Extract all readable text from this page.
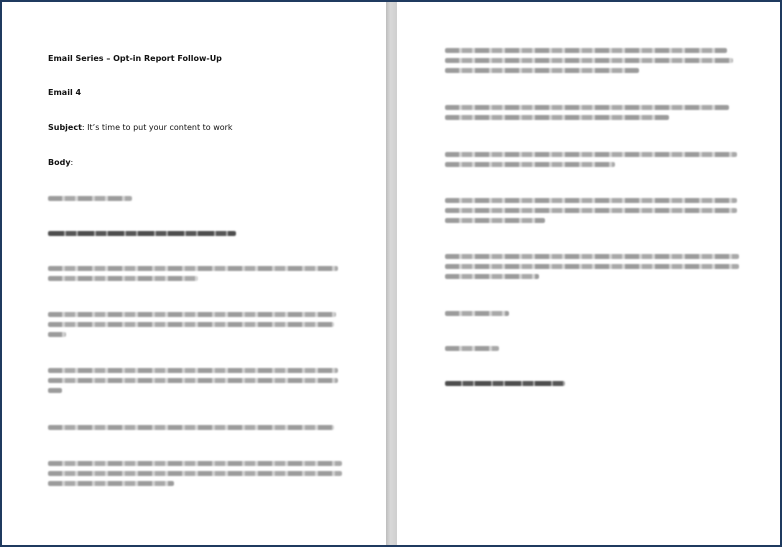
Email Series – Opt-in Report Follow-Up
Email 4
Subject: It’s time to put your content to work
Body:
